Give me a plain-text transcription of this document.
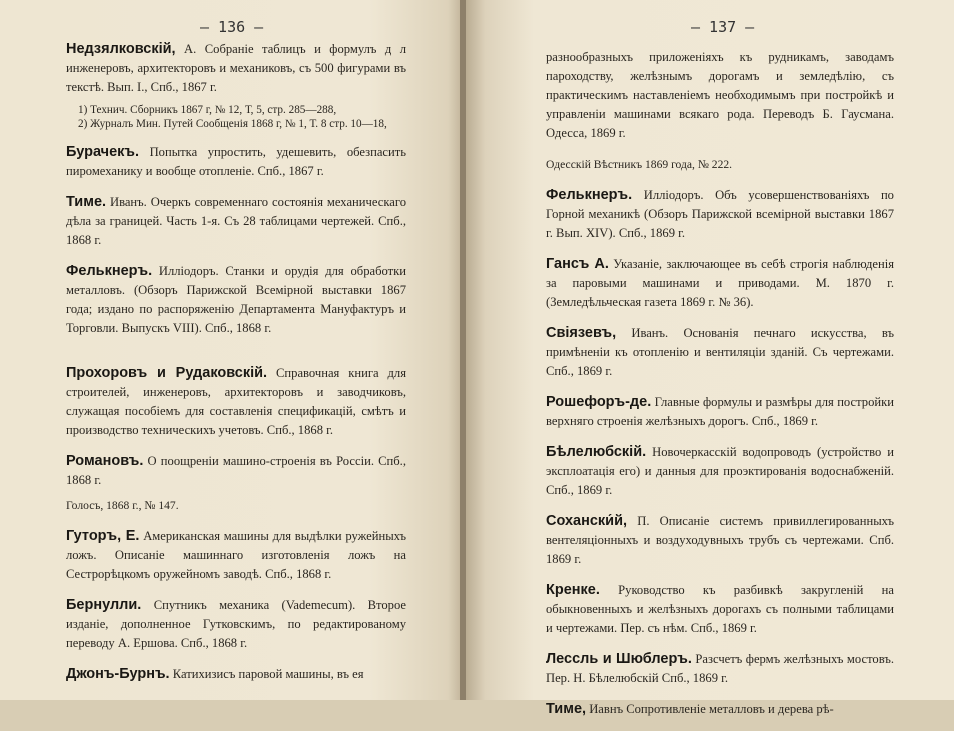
— 136 —
Недзялковскій, А. Собраніе таблицъ и формулъ д л инженеровъ, архитекторовъ и механиковъ, съ 500 фигурами въ текстѣ. Вып. I., Спб., 1867 г.
1) Технич. Сборникъ 1867 г, № 12, Т, 5, стр. 285—288,
2) Журналъ Мин. Путей Сообщенія 1868 г, № 1, Т. 8 стр. 10—18,
Бурачекъ. Попытка упростить, удешевить, обезпасить пиромеханику и вообще отопленіе. Спб., 1867 г.
Тиме. Иванъ. Очеркъ современнаго состоянія механическаго дѣла за границей. Часть 1-я. Съ 28 таблицами чертежей. Спб., 1868 г.
Фелькнеръ. Иллiодоръ. Станки и орудія для обработки металловъ. (Обзоръ Парижской Всемірной выставки 1867 года; издано по распоряженію Департамента Мануфактуръ и Торговли. Выпускъ VIII). Спб., 1868 г.
Прохоровъ и Рудаковскій. Справочная книга для строителей, инженеровъ, архитекторовъ и заводчиковъ, служащая пособіемъ для составленія спецификацій, смѣтъ и производство техническихъ учетовъ. Спб., 1868 г.
Романовъ. О поощреніи машино-строенія въ Россіи. Спб., 1868 г.
Голосъ, 1868 г., № 147.
Гуторъ, Е. Американская машины для выдѣлки ружейныхъ ложъ. Описаніе машиннаго изготовленія ложъ на Сестрорѣцкомъ оружейномъ заводѣ. Спб., 1868 г.
Бернулли. Спутникъ механика (Vademecum). Второе изданіе, дополненное Гутковскимъ, по редактированому переводу А. Ершова. Спб., 1868 г.
Джонъ-Бурнъ. Катихизисъ паровой машины, въ ея
— 137 —
разнообразныхъ приложеніяхъ къ рудникамъ, заводамъ пароходству, желѣзнымъ дорогамъ и земледѣлію, съ практическимъ наставленіемъ необходимымъ при постройкѣ и управленіи машинами всякаго рода. Переводъ Б. Гаусмана. Одесса, 1869 г.
Одесскій Вѣстникъ 1869 года, № 222.
Фелькнеръ. Иллiодоръ. Объ усовершенствованіяхъ по Горной механикѣ (Обзоръ Парижской всемірной выставки 1867 г. Вып. XIV). Спб., 1869 г.
Гансъ А. Указаніе, заключающее въ себѣ строгія наблюденія за паровыми машинами и приводами. М. 1870 г. (Земледѣльческая газета 1869 г. № 36).
Свіязевъ, Иванъ. Основанія печнаго искусства, въ примѣненіи къ отопленію и вентиляціи зданій. Съ чертежами. Спб., 1869 г.
Рошефоръ-де. Главные формулы и размѣры для постройки верхняго строенія желѣзныхъ дорогъ. Спб., 1869 г.
Бѣлелюбскій. Новочеркасскій водопроводъ (устройство и эксплоатація его) и данныя для проэктированія водоснабженій. Спб., 1869 г.
Сохански́й, П. Описаніе системъ привиллегированныхъ вентеляціонныхъ и воздуходувныхъ трубъ съ чертежами. Спб. 1869 г.
Кренке. Руководство къ разбивкѣ закругленій на обыкновенныхъ и желѣзныхъ дорогахъ съ полными таблицами и чертежами. Пер. съ нѣм. Спб., 1869 г.
Лессль и Шюблеръ. Разсчетъ фермъ желѣзныхъ мостовъ. Пер. Н. Бѣлелюбскій Спб., 1869 г.
Тиме, Иавнъ Сопротивленіе металловъ и дерева рѣ-
